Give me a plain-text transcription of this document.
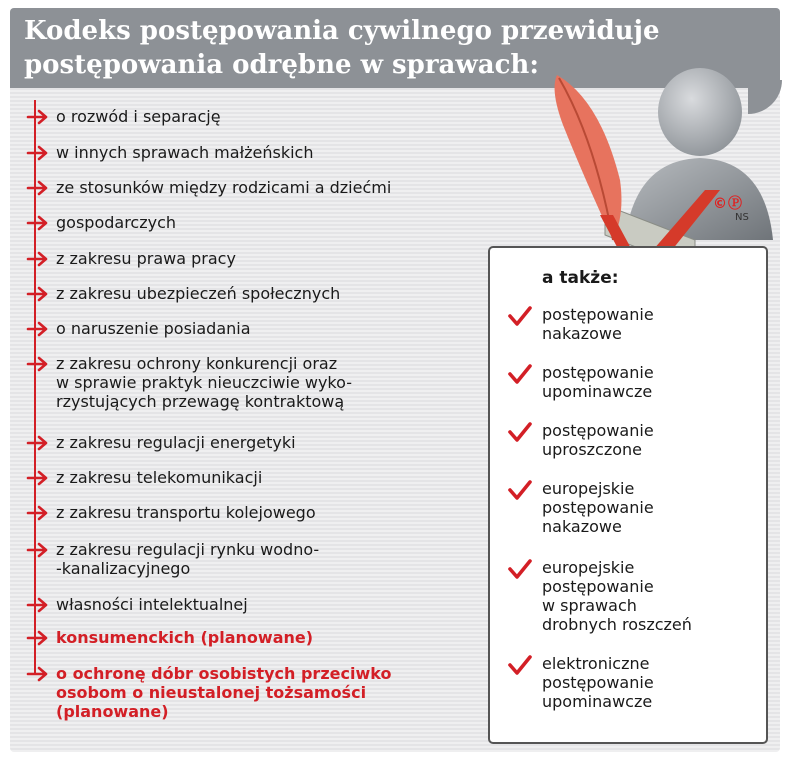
Kodeks postępowania cywilnego przewiduje
postępowania odrębne w sprawach:
©Ⓟ
NS
o rozwód i separację
w innych sprawach małżeńskich
ze stosunków między rodzicami a dziećmi
gospodarczych
z zakresu prawa pracy
z zakresu ubezpieczeń społecznych
o naruszenie posiadania
z zakresu ochrony konkurencji oraz
w sprawie praktyk nieuczciwie wyko-
rzystujących przewagę kontraktową
z zakresu regulacji energetyki
z zakresu telekomunikacji
z zakresu transportu kolejowego
z zakresu regulacji rynku wodno-
-kanalizacyjnego
własności intelektualnej
konsumenckich (planowane)
o ochronę dóbr osobistych przeciwko
osobom o nieustalonej tożsamości
(planowane)
a także:
postępowanie
nakazowe
postępowanie
upominawcze
postępowanie
uproszczone
europejskie
postępowanie
nakazowe
europejskie
postępowanie
w sprawach
drobnych roszczeń
elektroniczne
postępowanie
upominawcze
